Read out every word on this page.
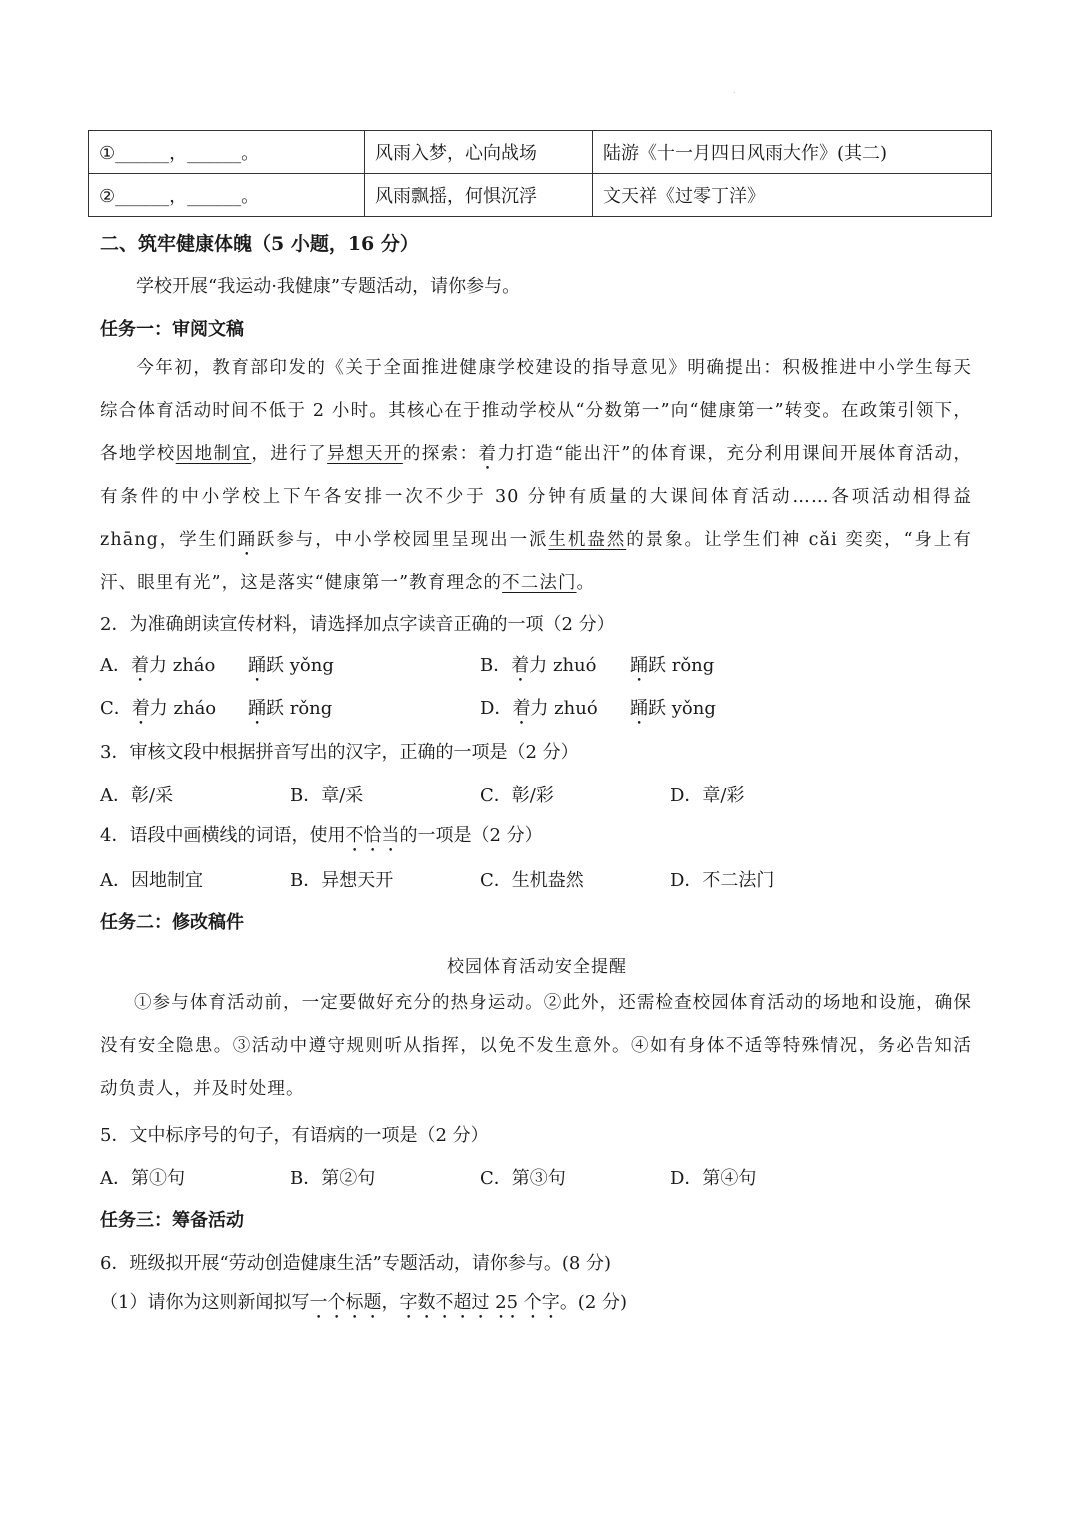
.
①______，______。	风雨入梦，心向战场	陆游《十一月四日风雨大作》(其二)
②______，______。	风雨飘摇，何惧沉浮	文天祥《过零丁洋》
二、筑牢健康体魄（5 小题，16 分）
学校开展“我运动·我健康”专题活动，请你参与。
任务一：审阅文稿
今年初，教育部印发的《关于全面推进健康学校建设的指导意见》明确提出：积极推进中小学生每天综合体育活动时间不低于 2 小时。其核心在于推动学校从“分数第一”向“健康第一”转变。在政策引领下，各地学校因地制宜，进行了异想天开的探索：着力打造“能出汗”的体育课，充分利用课间开展体育活动，有条件的中小学校上下午各安排一次不少于 30 分钟有质量的大课间体育活动……各项活动相得益 zhāng，学生们踊跃参与，中小学校园里呈现出一派生机盎然的景象。让学生们神 cǎi 奕奕，“身上有汗、眼里有光”，这是落实“健康第一”教育理念的不二法门。
2．为准确朗读宣传材料，请选择加点字读音正确的一项（2 分）
A．着力 zháo 踊跃 yǒng	B．着力 zhuó 踊跃 rǒng
C．着力 zháo 踊跃 rǒng	D．着力 zhuó 踊跃 yǒng
3．审核文段中根据拼音写出的汉字，正确的一项是（2 分）
A．彰/采	B．章/采	C．彰/彩	D．章/彩
4．语段中画横线的词语，使用不恰当的一项是（2 分）
A．因地制宜	B．异想天开	C．生机盎然	D．不二法门
任务二：修改稿件
校园体育活动安全提醒
①参与体育活动前，一定要做好充分的热身运动。②此外，还需检查校园体育活动的场地和设施，确保没有安全隐患。③活动中遵守规则听从指挥，以免不发生意外。④如有身体不适等特殊情况，务必告知活动负责人，并及时处理。
5．文中标序号的句子，有语病的一项是（2 分）
A．第①句	B．第②句	C．第③句	D．第④句
任务三：筹备活动
6．班级拟开展“劳动创造健康生活”专题活动，请你参与。(8 分)
（1）请你为这则新闻拟写一个标题，字数不超过 25 个字。(2 分)
